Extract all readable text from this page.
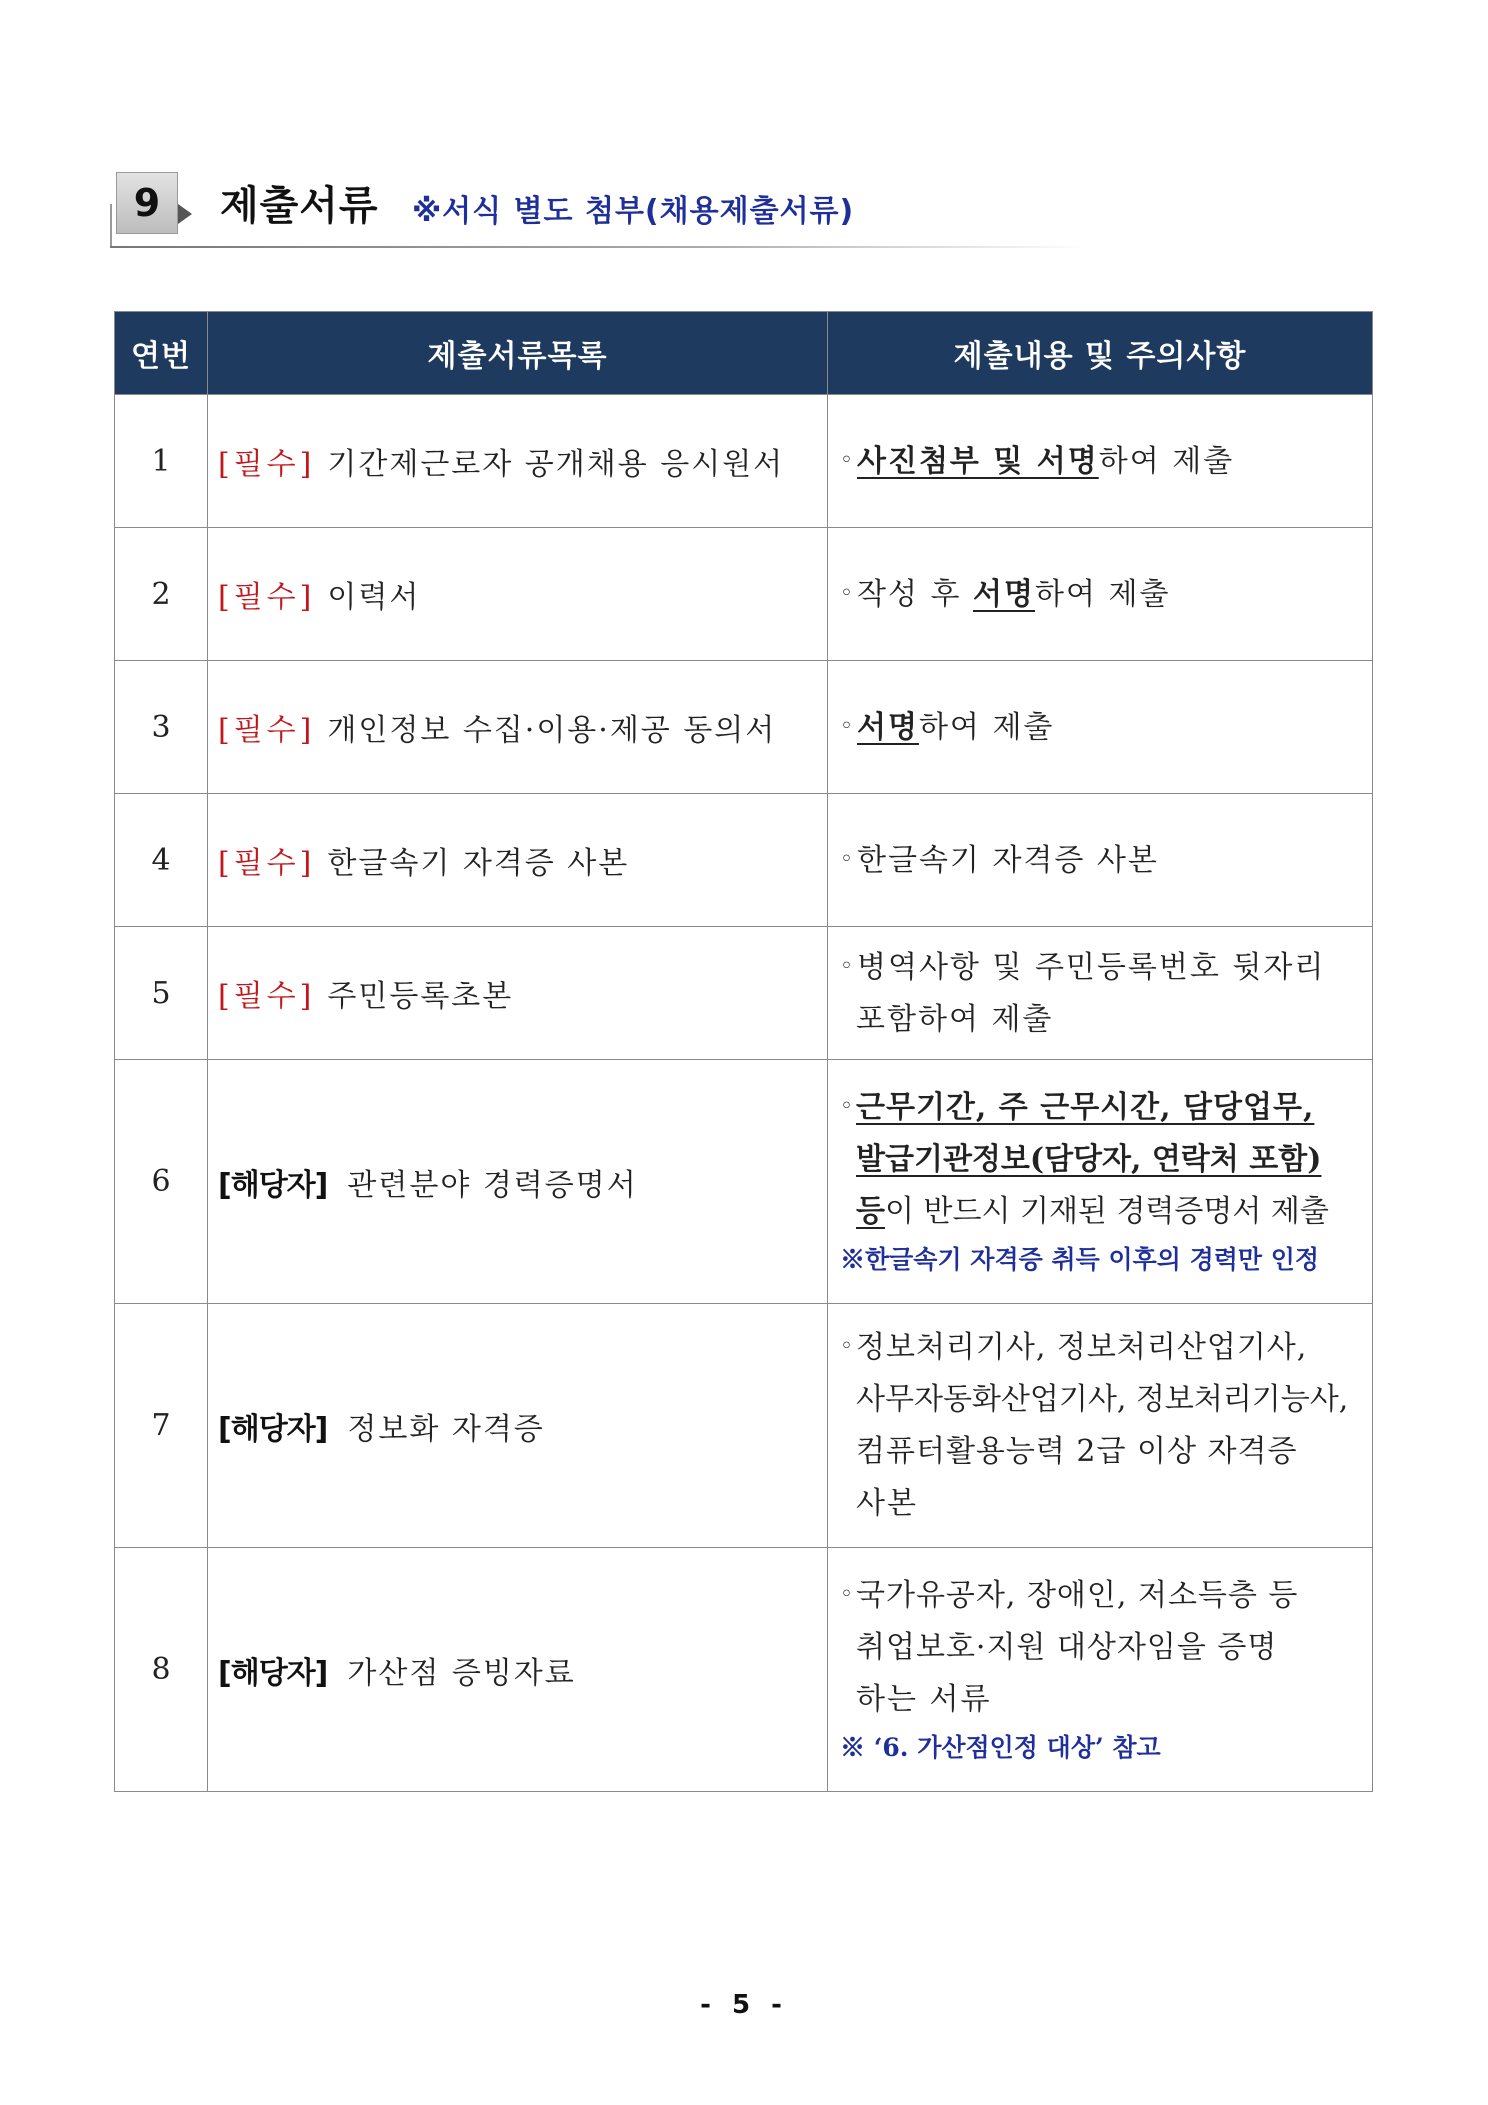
9	제출서류 ※서식 별도 첨부(채용제출서류)
연번	제출서류목록	제출내용 및 주의사항
1	[필수] 기간제근로자 공개채용 응시원서	◦사진첨부 및 서명하여 제출

2	[필수] 이력서	◦작성 후 서명하여 제출

3	[필수] 개인정보 수집·이용·제공 동의서	◦서명하여 제출

4	[필수] 한글속기 자격증 사본	◦한글속기 자격증 사본

5	[필수] 주민등록초본	◦병역사항 및 주민등록번호 뒷자리
포함하여 제출

6	[해당자] 관련분야 경력증명서	◦근무기간, 주 근무시간, 담당업무,
발급기관정보(담당자, 연락처 포함)
등이 반드시 기재된 경력증명서 제출
※한글속기 자격증 취득 이후의 경력만 인정

7	[해당자] 정보화 자격증	◦정보처리기사, 정보처리산업기사,
사무자동화산업기사, 정보처리기능사,
컴퓨터활용능력 2급 이상 자격증
사본

8	[해당자] 가산점 증빙자료	◦국가유공자, 장애인, 저소득층 등
취업보호·지원 대상자임을 증명
하는 서류
※ ‘6. 가산점인정 대상’ 참고
- 5 -
